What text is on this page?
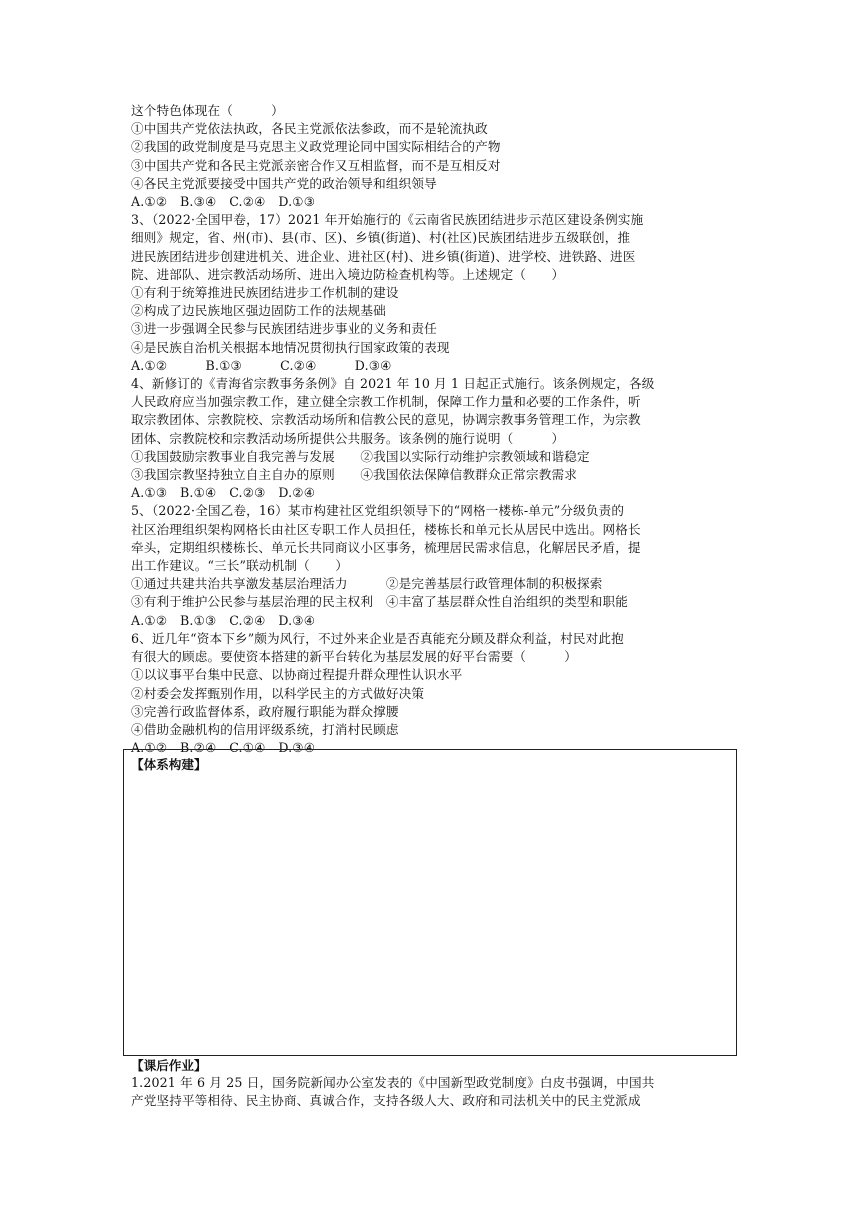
这个特色体现在（　　　）
①中国共产党依法执政，各民主党派依法参政，而不是轮流执政
②我国的政党制度是马克思主义政党理论同中国实际相结合的产物
③中国共产党和各民主党派亲密合作又互相监督，而不是互相反对
④各民主党派要接受中国共产党的政治领导和组织领导
A.①②　B.③④　C.②④　D.①③
3、（2022·全国甲卷，17）2021 年开始施行的《云南省民族团结进步示范区建设条例实施
细则》规定，省、州(市)、县(市、区)、乡镇(街道)、村(社区)民族团结进步五级联创，推
进民族团结进步创建进机关、进企业、进社区(村)、进乡镇(街道)、进学校、进铁路、进医
院、进部队、进宗教活动场所、进出入境边防检查机构等。上述规定（　　）
①有利于统筹推进民族团结进步工作机制的建设
②构成了边民族地区强边固防工作的法规基础
③进一步强调全民参与民族团结进步事业的义务和责任
④是民族自治机关根据本地情况贯彻执行国家政策的表现
A.①②　　　B.①③　　　C.②④　　　D.③④
4、新修订的《青海省宗教事务条例》自 2021 年 10 月 1 日起正式施行。该条例规定，各级
人民政府应当加强宗教工作，建立健全宗教工作机制，保障工作力量和必要的工作条件，听
取宗教团体、宗教院校、宗教活动场所和信教公民的意见，协调宗教事务管理工作，为宗教
团体、宗教院校和宗教活动场所提供公共服务。该条例的施行说明（　　　）
①我国鼓励宗教事业自我完善与发展　　②我国以实际行动维护宗教领域和谐稳定
③我国宗教坚持独立自主自办的原则　　④我国依法保障信教群众正常宗教需求
A.①③　B.①④　C.②③　D.②④
5、（2022·全国乙卷，16）某市构建社区党组织领导下的“网格一楼栋-单元”分级负责的
社区治理组织架构网格长由社区专职工作人员担任，楼栋长和单元长从居民中选出。网格长
牵头，定期组织楼栋长、单元长共同商议小区事务，梳理居民需求信息，化解居民矛盾，提
出工作建议。“三长”联动机制（　　）
①通过共建共治共享激发基层治理活力　　　②是完善基层行政管理体制的积极探索
③有利于维护公民参与基层治理的民主权利　④丰富了基层群众性自治组织的类型和职能
A.①②　B.①③　C.②④　D.③④
6、近几年“资本下乡”颇为风行，不过外来企业是否真能充分顾及群众利益，村民对此抱
有很大的顾虑。要使资本搭建的新平台转化为基层发展的好平台需要（　　　）
①以议事平台集中民意、以协商过程提升群众理性认识水平
②村委会发挥甄别作用，以科学民主的方式做好决策
③完善行政监督体系，政府履行职能为群众撑腰
④借助金融机构的信用评级系统，打消村民顾虑
A.①②　B.②④　C.①④　D.③④
【体系构建】
【课后作业】
1.2021 年 6 月 25 日，国务院新闻办公室发表的《中国新型政党制度》白皮书强调，中国共
产党坚持平等相待、民主协商、真诚合作，支持各级人大、政府和司法机关中的民主党派成
